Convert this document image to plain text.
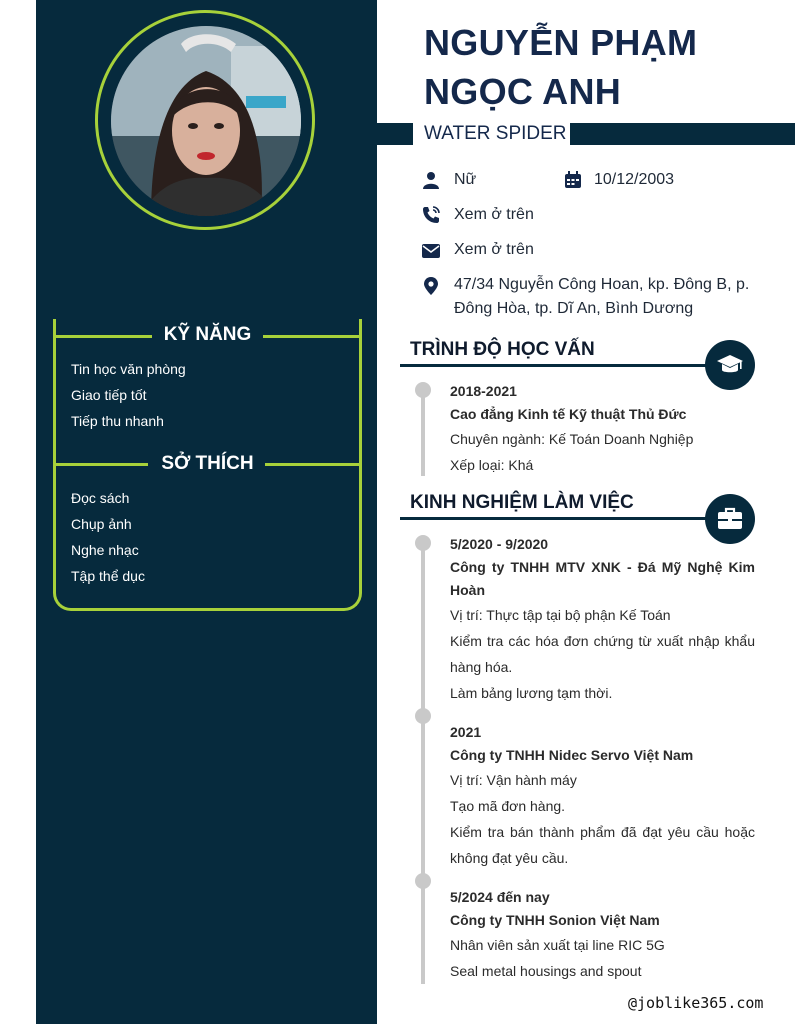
KỸ NĂNG
Tin học văn phòng
Giao tiếp tốt
Tiếp thu nhanh
SỞ THÍCH
Đọc sách
Chụp ảnh
Nghe nhạc
Tập thể dục
NGUYỄN PHẠM
NGỌC ANH
WATER SPIDER
Nữ	10/12/2003
Xem ở trên
Xem ở trên
47/34 Nguyễn Công Hoan, kp. Đông B, p.
Đông Hòa, tp. Dĩ An, Bình Dương
TRÌNH ĐỘ HỌC VẤN
2018-2021
Cao đẳng Kinh tế Kỹ thuật Thủ Đức
Chuyên ngành: Kế Toán Doanh Nghiệp
Xếp loại: Khá
KINH NGHIỆM LÀM VIỆC
5/2020 - 9/2020
Công ty TNHH MTV XNK - Đá Mỹ Nghệ Kim Hoàn
Vị trí: Thực tập tại bộ phận Kế Toán
Kiểm tra các hóa đơn chứng từ xuất nhập khẩu hàng hóa.
Làm bảng lương tạm thời.
2021
Công ty TNHH Nidec Servo Việt Nam
Vị trí: Vận hành máy
Tạo mã đơn hàng.
Kiểm tra bán thành phẩm đã đạt yêu cầu hoặc không đạt yêu cầu.
5/2024 đến nay
Công ty TNHH Sonion Việt Nam
Nhân viên sản xuất tại line RIC 5G
Seal metal housings and spout
@joblike365.com
